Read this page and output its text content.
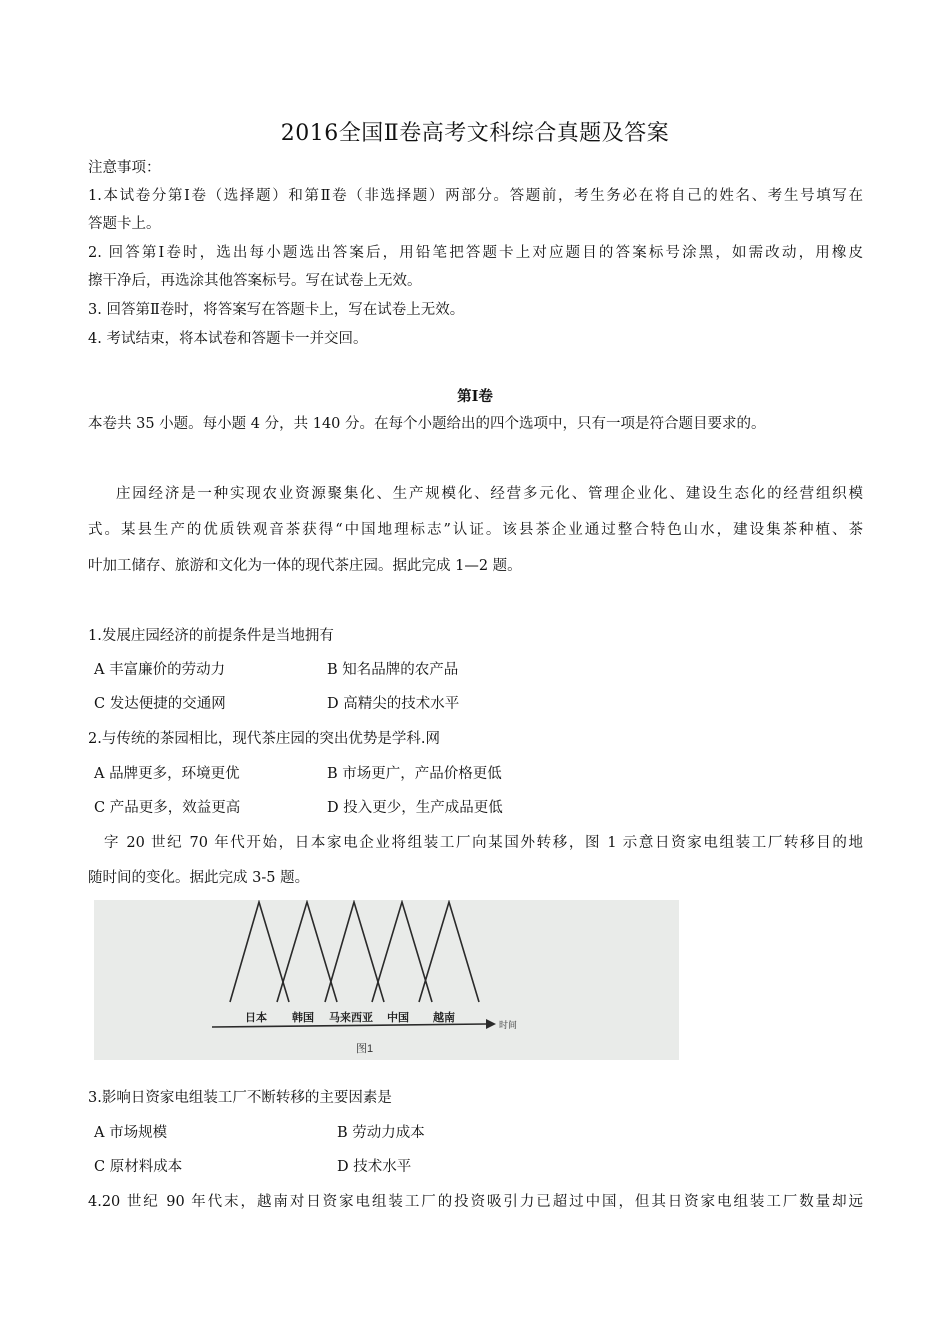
2016全国Ⅱ卷高考文科综合真题及答案
注意事项：
1.本试卷分第Ⅰ卷（选择题）和第Ⅱ卷（非选择题）两部分。答题前，考生务必在将自己的姓名、考生号填写在
答题卡上。
2. 回答第Ⅰ卷时，选出每小题选出答案后，用铅笔把答题卡上对应题目的答案标号涂黑，如需改动，用橡皮
擦干净后，再选涂其他答案标号。写在试卷上无效。
3. 回答第Ⅱ卷时，将答案写在答题卡上，写在试卷上无效。
4. 考试结束，将本试卷和答题卡一并交回。
第Ⅰ卷
本卷共 35 小题。每小题 4 分，共 140 分。在每个小题给出的四个选项中，只有一项是符合题目要求的。
庄园经济是一种实现农业资源聚集化、生产规模化、经营多元化、管理企业化、建设生态化的经营组织模
式。某县生产的优质铁观音茶获得“中国地理标志”认证。该县茶企业通过整合特色山水，建设集茶种植、茶
叶加工储存、旅游和文化为一体的现代茶庄园。据此完成 1—2 题。
1.发展庄园经济的前提条件是当地拥有
A 丰富廉价的劳动力	B 知名品牌的农产品
C 发达便捷的交通网	D 高精尖的技术水平
2.与传统的茶园相比，现代茶庄园的突出优势是学科.网
A 品牌更多，环境更优	B 市场更广，产品价格更低
C 产品更多，效益更高	D 投入更少，生产成品更低
字 20 世纪 70 年代开始，日本家电企业将组装工厂向某国外转移，图 1 示意日资家电组装工厂转移目的地
随时间的变化。据此完成 3-5 题。
日本 韩国 马来西亚 中国 越南
时间
图1
3.影响日资家电组装工厂不断转移的主要因素是
A 市场规模	B 劳动力成本
C 原材料成本	D 技术水平
4.20 世纪 90 年代末，越南对日资家电组装工厂的投资吸引力已超过中国，但其日资家电组装工厂数量却远
